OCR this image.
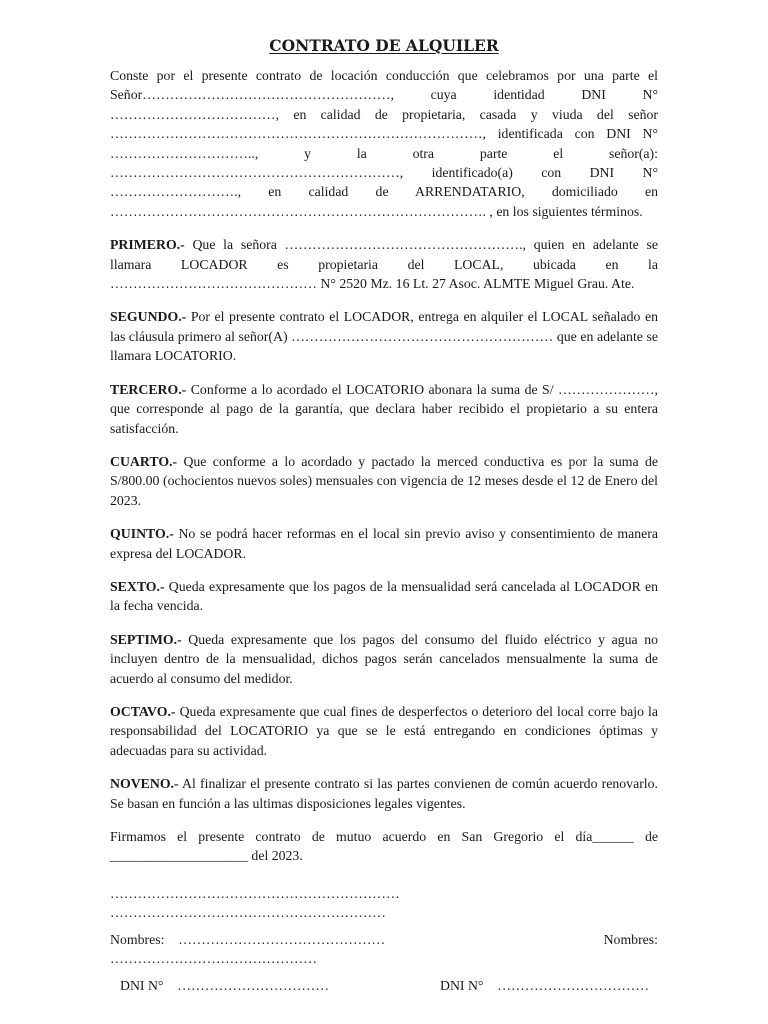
CONTRATO DE ALQUILER

Conste por el presente contrato de locación conducción que celebramos por una parte el Señor………………………………………………, cuya identidad DNI N° ………………………………, en calidad de propietaria, casada y viuda del señor ………………………………………………………………………, identificada con DNI N° ………………………….., y la otra parte el señor(a): ………………………………………………………, identificado(a) con DNI N° ………………………., en calidad de ARRENDATARIO, domiciliado en ………………………………………………………………………. , en los siguientes términos.

PRIMERO.- Que la señora ……………………………………………., quien en adelante se llamara LOCADOR es propietaria del LOCAL, ubicada en la ……………………………………… N° 2520 Mz. 16 Lt. 27 Asoc. ALMTE Miguel Grau. Ate.

SEGUNDO.- Por el presente contrato el LOCADOR, entrega en alquiler el LOCAL señalado en las cláusula primero al señor(A) ………………………………………………… que en adelante se llamara LOCATORIO.

TERCERO.- Conforme a lo acordado el LOCATORIO abonara la suma de S/ …………………, que corresponde al pago de la garantía, que declara haber recibido el propietario a su entera satisfacción.

CUARTO.- Que conforme a lo acordado y pactado la merced conductiva es por la suma de S/800.00 (ochocientos nuevos soles) mensuales con vigencia de 12 meses desde el 12 de Enero del 2023.

QUINTO.- No se podrá hacer reformas en el local sin previo aviso y consentimiento de manera expresa del LOCADOR.

SEXTO.- Queda expresamente que los pagos de la mensualidad será cancelada al LOCADOR en la fecha vencida.

SEPTIMO.- Queda expresamente que los pagos del consumo del fluido eléctrico y agua no incluyen dentro de la mensualidad, dichos pagos serán cancelados mensualmente la suma de acuerdo al consumo del medidor.

OCTAVO.- Queda expresamente que cual fines de desperfectos o deterioro del local corre bajo la responsabilidad del LOCATORIO ya que se le está entregando en condiciones óptimas y adecuadas para su actividad.

NOVENO.- Al finalizar el presente contrato si las partes convienen de común acuerdo renovarlo. Se basan en función a las ultimas disposiciones legales vigentes.

Firmamos el presente contrato de mutuo acuerdo en San Gregorio el día______ de ____________________ del 2023.

………………………………………………………
……………………………………………………
Nombres: ………………………………………	Nombres:
………………………………………
DNI N° ……………………………	DNI N° ……………………………
